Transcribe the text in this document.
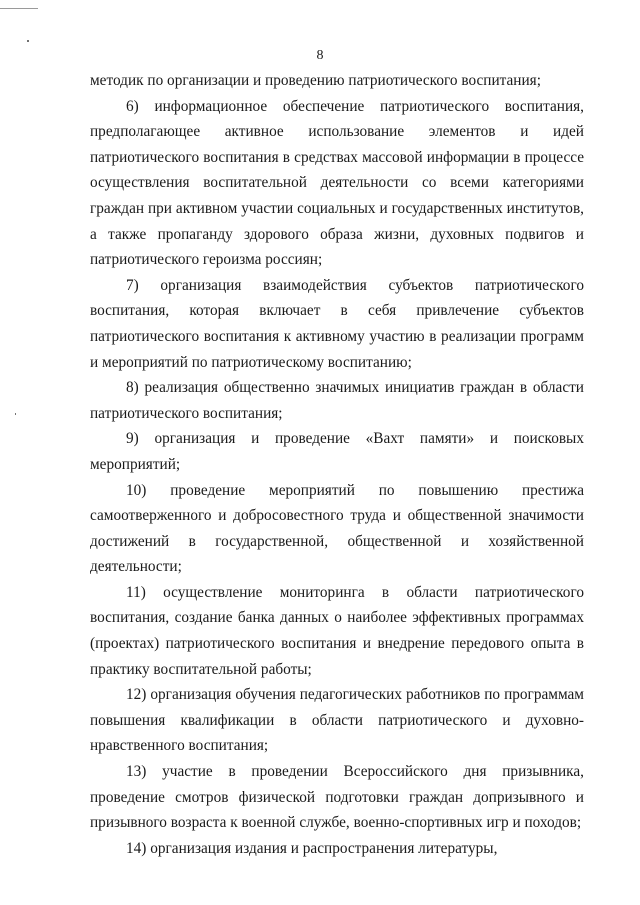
8

методик по организации и проведению патриотического воспитания;

6) информационное обеспечение патриотического воспитания, предполагающее активное использование элементов и идей патриотического воспитания в средствах массовой информации в процессе осуществления воспитательной деятельности со всеми категориями граждан при активном участии социальных и государственных институтов, а также пропаганду здорового образа жизни, духовных подвигов и патриотического героизма россиян;

7) организация взаимодействия субъектов патриотического воспитания, которая включает в себя привлечение субъектов патриотического воспитания к активному участию в реализации программ и мероприятий по патриотическому воспитанию;

8) реализация общественно значимых инициатив граждан в области патриотического воспитания;

9) организация и проведение «Вахт памяти» и поисковых мероприятий;

10) проведение мероприятий по повышению престижа самоотверженного и добросовестного труда и общественной значимости достижений в государственной, общественной и хозяйственной деятельности;

11) осуществление мониторинга в области патриотического воспитания, создание банка данных о наиболее эффективных программах (проектах) патриотического воспитания и внедрение передового опыта в практику воспитательной работы;

12) организация обучения педагогических работников по программам повышения квалификации в области патриотического и духовно-нравственного воспитания;

13) участие в проведении Всероссийского дня призывника, проведение смотров физической подготовки граждан допризывного и призывного возраста к военной службе, военно-спортивных игр и походов;

14) организация издания и распространения литературы,
